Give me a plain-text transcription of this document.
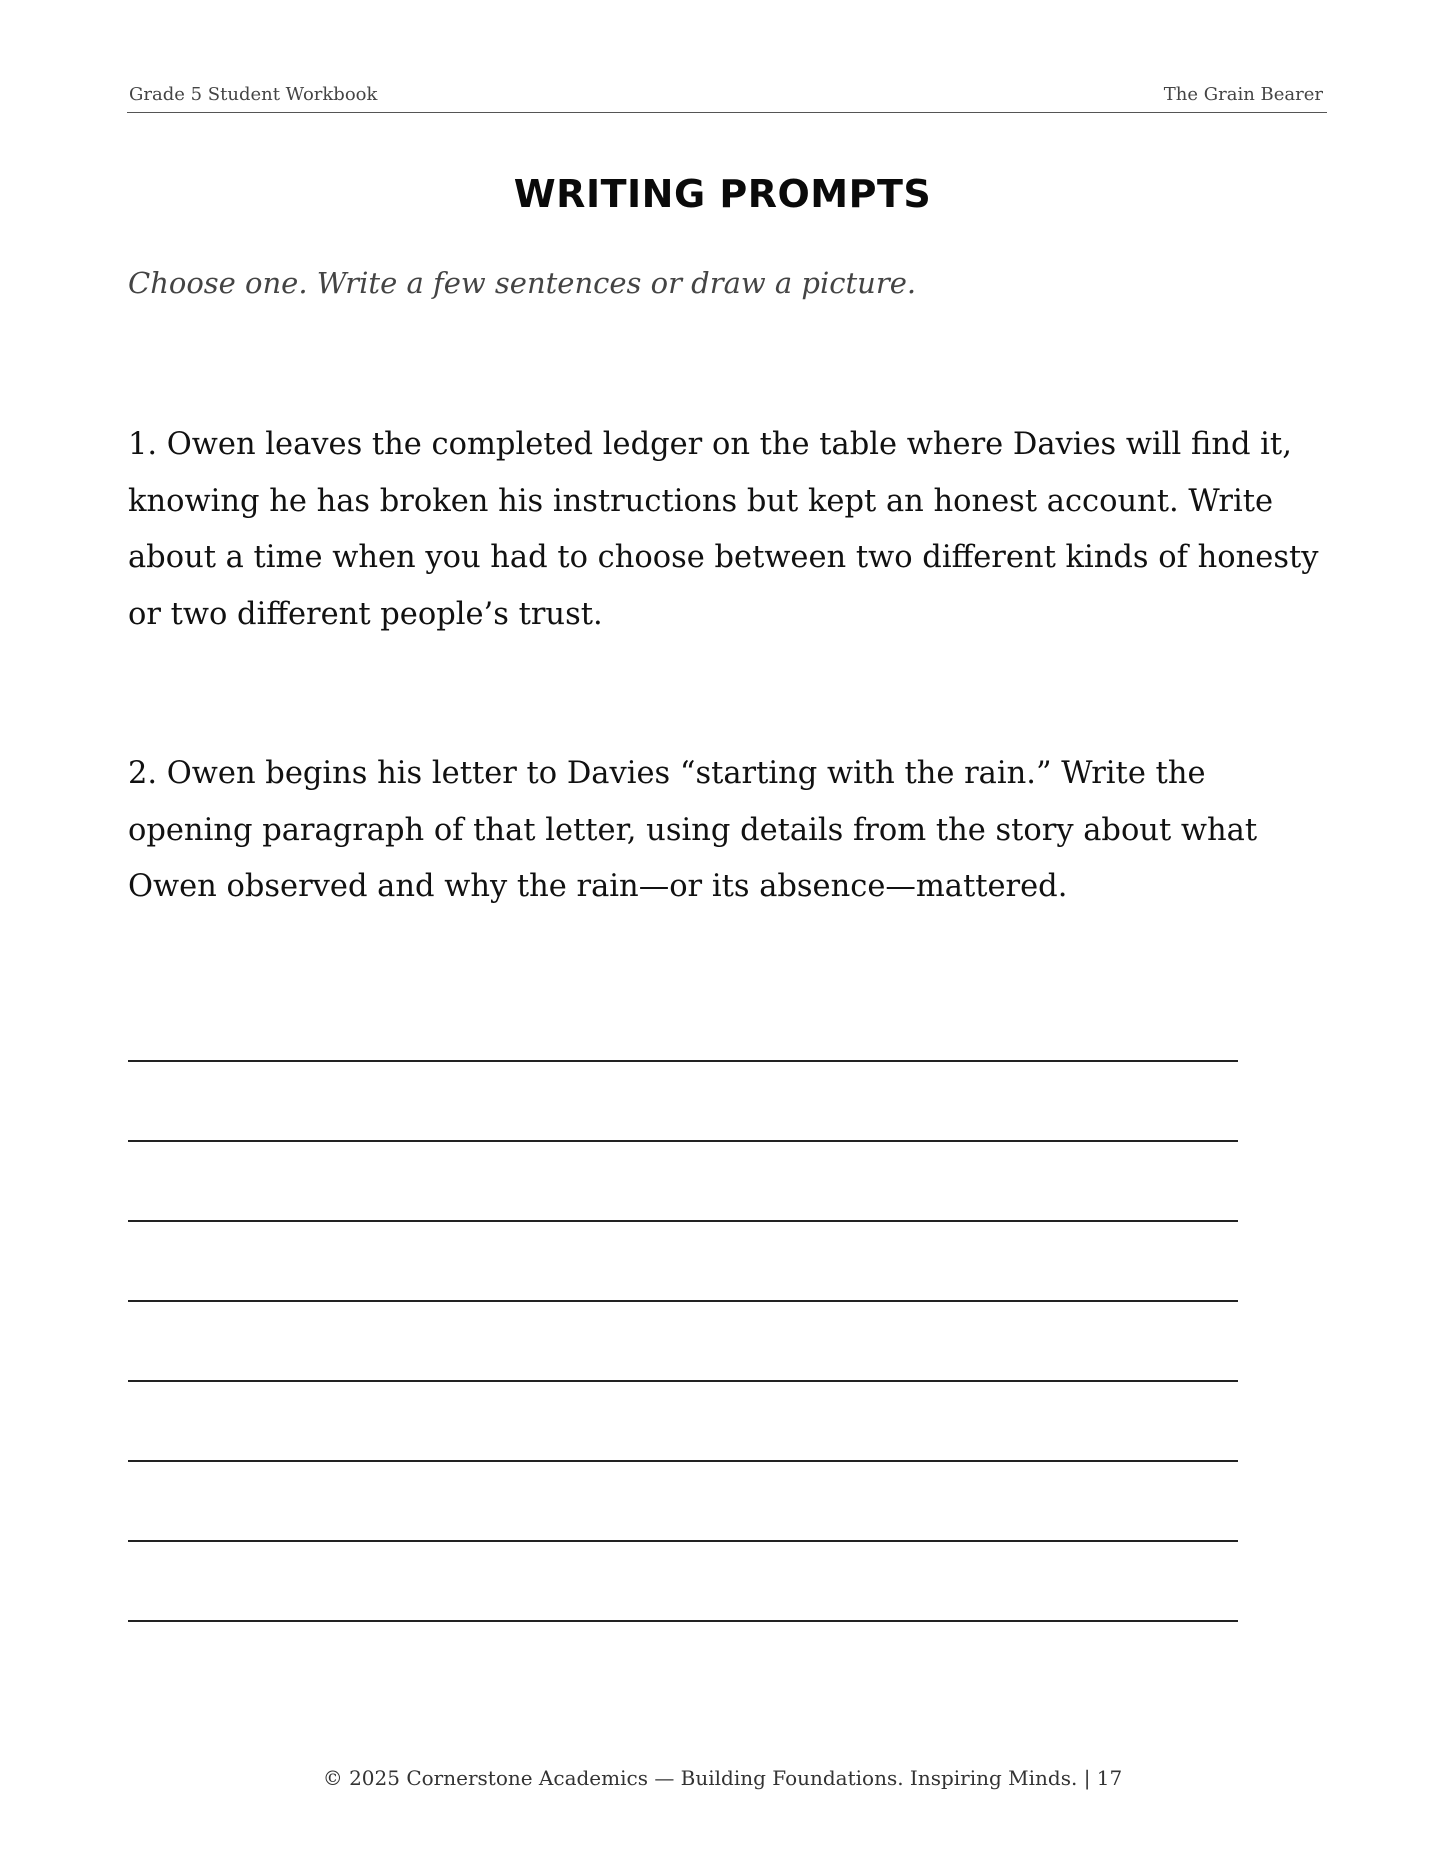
Grade 5 Student Workbook	The Grain Bearer
WRITING PROMPTS
Choose one. Write a few sentences or draw a picture.

1. Owen leaves the completed ledger on the table where Davies will find it, knowing he has broken his instructions but kept an honest account. Write about a time when you had to choose between two different kinds of honesty or two different people’s trust.

2. Owen begins his letter to Davies “starting with the rain.” Write the opening paragraph of that letter, using details from the story about what Owen observed and why the rain—or its absence—mattered.

© 2025 Cornerstone Academics — Building Foundations. Inspiring Minds. | 17
